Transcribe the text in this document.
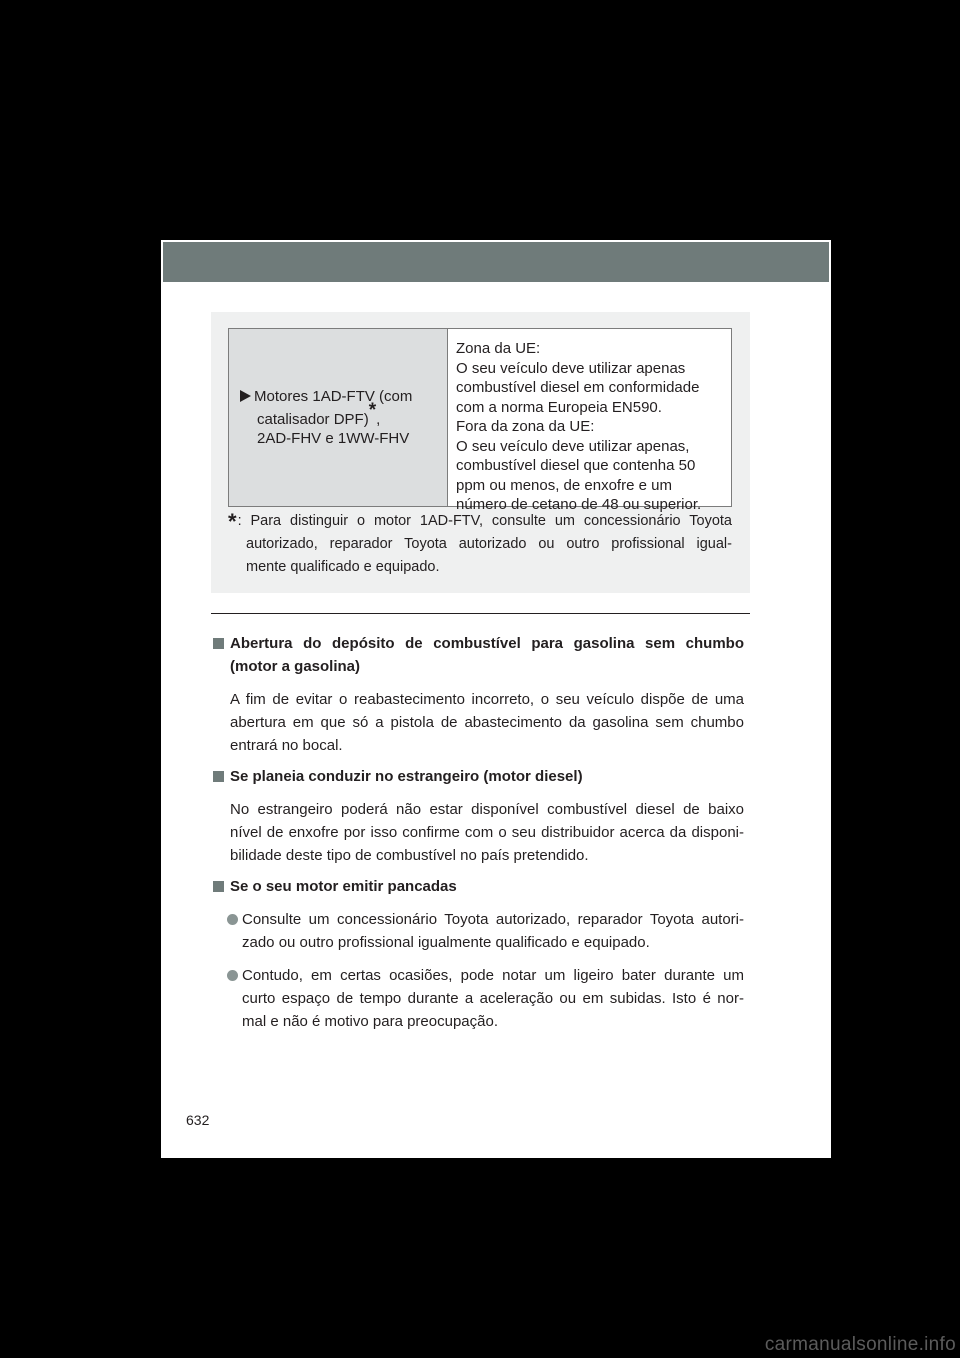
Motores 1AD-FTV (com
catalisador DPF)*,
2AD-FHV e 1WW-FHV
Zona da UE:
O seu veículo deve utilizar apenas
combustível diesel em conformidade
com a norma Europeia EN590.
Fora da zona da UE:
O seu veículo deve utilizar apenas,
combustível diesel que contenha 50
ppm ou menos, de enxofre e um
número de cetano de 48 ou superior.
*: Para distinguir o motor 1AD-FTV, consulte um concessionário Toyota
autorizado, reparador Toyota autorizado ou outro profissional igual-
mente qualificado e equipado.
Abertura do depósito de combustível para gasolina sem chumbo
(motor a gasolina)
A fim de evitar o reabastecimento incorreto, o seu veículo dispõe de uma
abertura em que só a pistola de abastecimento da gasolina sem chumbo
entrará no bocal.
Se planeia conduzir no estrangeiro (motor diesel)
No estrangeiro poderá não estar disponível combustível diesel de baixo
nível de enxofre por isso confirme com o seu distribuidor acerca da disponi-
bilidade deste tipo de combustível no país pretendido.
Se o seu motor emitir pancadas
Consulte um concessionário Toyota autorizado, reparador Toyota autori-
zado ou outro profissional igualmente qualificado e equipado.
Contudo, em certas ocasiões, pode notar um ligeiro bater durante um
curto espaço de tempo durante a aceleração ou em subidas. Isto é nor-
mal e não é motivo para preocupação.
632
carmanualsonline.info
